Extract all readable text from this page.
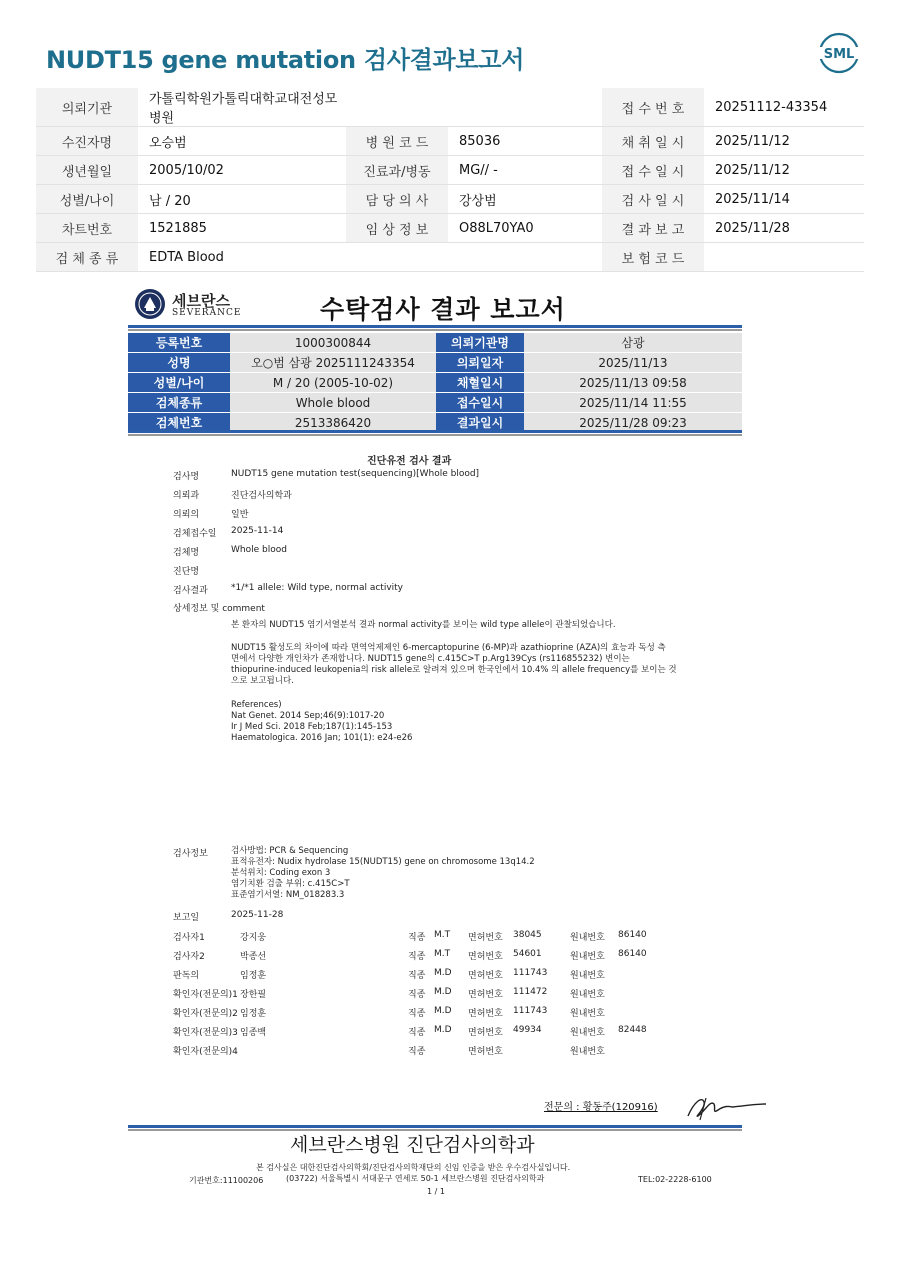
NUDT15 gene mutation 검사결과보고서	SML
의뢰기관	가톨릭학원가톨릭대학교대전성모병원			접 수 번 호	20251112-43354
수진자명	오승범	병 원 코 드	85036	채 취 일 시	2025/11/12
생년월일	2005/10/02	진료과/병동	MG// -	접 수 일 시	2025/11/12
성별/나이	남 / 20	담 당 의 사	강상범	검 사 일 시	2025/11/14
차트번호	1521885	임 상 정 보	O88L70YA0	결 과 보 고	2025/11/28
검 체 종 류	EDTA Blood			보 험 코 드	
세브란스
SEVERANCE	수탁검사 결과 보고서
등록번호	1000300844	의뢰기관명	삼광
성명	오○범 삼광 2025111243354	의뢰일자	2025/11/13
성별/나이	M / 20 (2005-10-02)	채혈일시	2025/11/13 09:58
검체종류	Whole blood	접수일시	2025/11/14 11:55
검체번호	2513386420	결과일시	2025/11/28 09:23
진단유전 검사 결과
검사명	NUDT15 gene mutation test(sequencing)[Whole blood]
의뢰과	진단검사의학과
의뢰의	일반
검체접수일 2025-11-14
검체명	Whole blood
진단명
검사결과	*1/*1 allele: Wild type, normal activity
상세정보 및 comment
본 환자의 NUDT15 염기서열분석 결과 normal activity를 보이는 wild type allele이 관찰되었습니다.
NUDT15 활성도의 차이에 따라 면역억제제인 6-mercaptopurine (6-MP)과 azathioprine (AZA)의 효능과 독성 측
면에서 다양한 개인차가 존재합니다. NUDT15 gene의 c.415C>T p.Arg139Cys (rs116855232) 변이는
thiopurine-induced leukopenia의 risk allele로 알려져 있으며 한국인에서 10.4% 의 allele frequency를 보이는 것
으로 보고됩니다.
References)
Nat Genet. 2014 Sep;46(9):1017-20
Ir J Med Sci. 2018 Feb;187(1):145-153
Haematologica. 2016 Jan; 101(1): e24-e26
검사정보	검사방법: PCR & Sequencing
표적유전자: Nudix hydrolase 15(NUDT15) gene on chromosome 13q14.2
분석위치: Coding exon 3
염기치환 검출 부위: c.415C>T
표준염기서열: NM_018283.3
보고일	2025-11-28
검사자1	강지웅	직종 M.T 면허번호 38045	원내번호 86140
검사자2	박종선	직종 M.T 면허번호 54601	원내번호 86140
판독의	임정훈	직종 M.D 면허번호 111743	원내번호
확인자(전문의)1 장한필	직종 M.D 면허번호 111472	원내번호
확인자(전문의)2 임정훈	직종 M.D 면허번호 111743	원내번호
확인자(전문의)3 임종백	직종 M.D 면허번호 49934	원내번호 82448
확인자(전문의)4	직종	면허번호	원내번호
전문의 : 황동주(120916)
세브란스병원 진단검사의학과
본 검사실은 대한진단검사의학회/진단검사의학재단의 신임 인증을 받은 우수검사실입니다.
기관번호:11100206	(03722) 서울특별시 서대문구 연세로 50-1 세브란스병원 진단검사의학과	TEL:02-2228-6100
1 / 1
